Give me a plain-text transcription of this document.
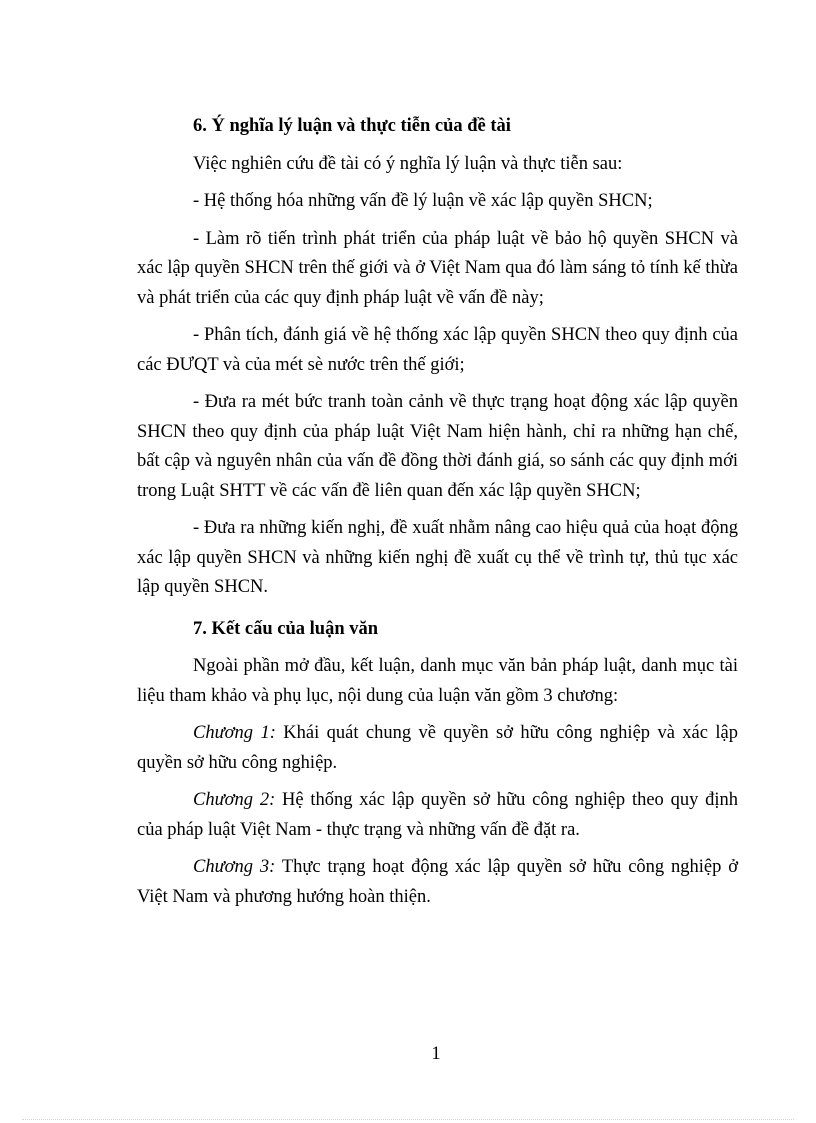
6. Ý nghĩa lý luận và thực tiễn của đề tài

Việc nghiên cứu đề tài có ý nghĩa lý luận và thực tiễn sau:

- Hệ thống hóa những vấn đề lý luận về xác lập quyền SHCN;

- Làm rõ tiến trình phát triển của pháp luật về bảo hộ quyền SHCN và xác lập quyền SHCN trên thế giới và ở Việt Nam qua đó làm sáng tỏ tính kế thừa và phát triển của các quy định pháp luật về vấn đề này;

- Phân tích, đánh giá về hệ thống xác lập quyền SHCN theo quy định của các ĐƯQT và của mét sè nước trên thế giới;

- Đưa ra mét bức tranh toàn cảnh về thực trạng hoạt động xác lập quyền SHCN theo quy định của pháp luật Việt Nam hiện hành, chỉ ra những hạn chế, bất cập và nguyên nhân của vấn đề đồng thời đánh giá, so sánh các quy định mới trong Luật SHTT về các vấn đề liên quan đến xác lập quyền SHCN;

- Đưa ra những kiến nghị, đề xuất nhằm nâng cao hiệu quả của hoạt động xác lập quyền SHCN và những kiến nghị đề xuất cụ thể về trình tự, thủ tục xác lập quyền SHCN.

7. Kết cấu của luận văn

Ngoài phần mở đầu, kết luận, danh mục văn bản pháp luật, danh mục tài liệu tham khảo và phụ lục, nội dung của luận văn gồm 3 chương:

Chương 1: Khái quát chung về quyền sở hữu công nghiệp và xác lập quyền sở hữu công nghiệp.

Chương 2: Hệ thống xác lập quyền sở hữu công nghiệp theo quy định của pháp luật Việt Nam - thực trạng và những vấn đề đặt ra.

Chương 3: Thực trạng hoạt động xác lập quyền sở hữu công nghiệp ở Việt Nam và phương hướng hoàn thiện.

1
